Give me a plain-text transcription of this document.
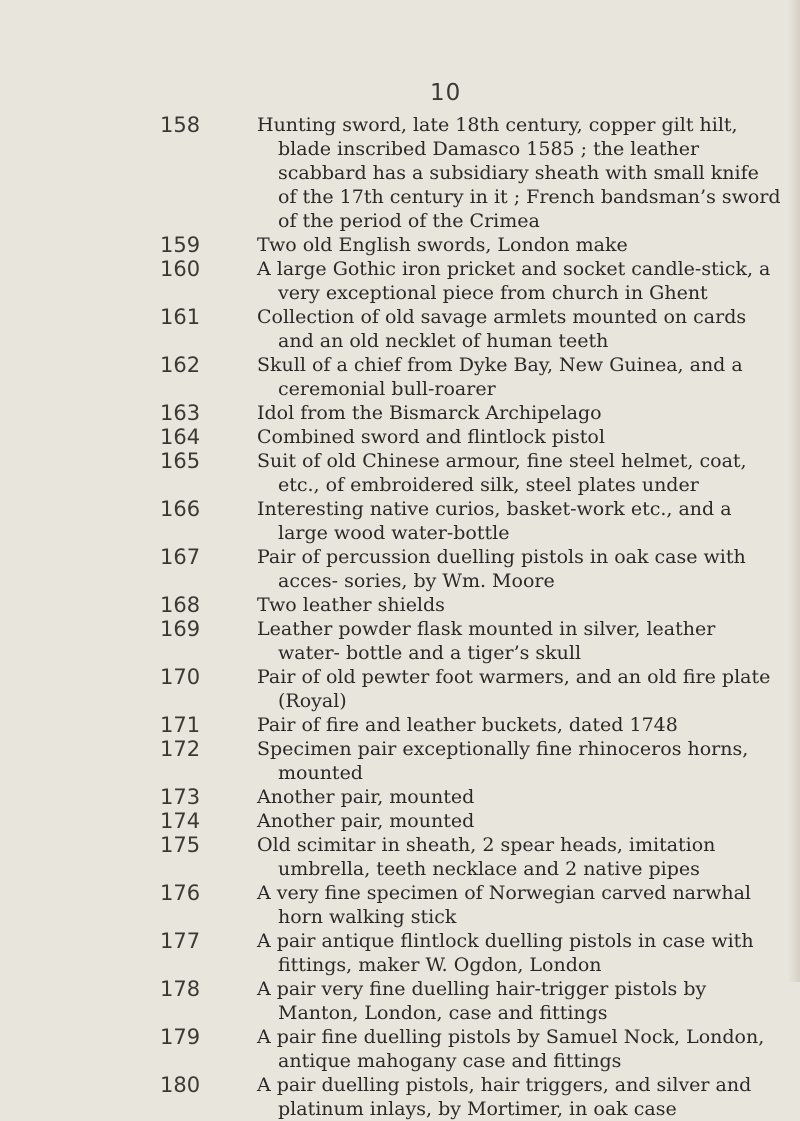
10
158	Hunting sword, late 18th century, copper gilt hilt, blade inscribed Damasco 1585 ; the leather scabbard has a subsidiary sheath with small knife of the 17th century in it ; French bandsman’s sword of the period of the Crimea
159	Two old English swords, London make
160	A large Gothic iron pricket and socket candle-stick, a very exceptional piece from church in Ghent
161	Collection of old savage armlets mounted on cards and an old necklet of human teeth
162	Skull of a chief from Dyke Bay, New Guinea, and a ceremonial bull-roarer
163	Idol from the Bismarck Archipelago
164	Combined sword and flintlock pistol
165	Suit of old Chinese armour, fine steel helmet, coat, etc., of embroidered silk, steel plates under
166	Interesting native curios, basket-work etc., and a large wood water-bottle
167	Pair of percussion duelling pistols in oak case with acces- sories, by Wm. Moore
168	Two leather shields
169	Leather powder flask mounted in silver, leather water- bottle and a tiger’s skull
170	Pair of old pewter foot warmers, and an old fire plate (Royal)
171	Pair of fire and leather buckets, dated 1748
172	Specimen pair exceptionally fine rhinoceros horns, mounted
173	Another pair, mounted
174	Another pair, mounted
175	Old scimitar in sheath, 2 spear heads, imitation umbrella, teeth necklace and 2 native pipes
176	A very fine specimen of Norwegian carved narwhal horn walking stick
177	A pair antique flintlock duelling pistols in case with fittings, maker W. Ogdon, London
178	A pair very fine duelling hair-trigger pistols by Manton, London, case and fittings
179	A pair fine duelling pistols by Samuel Nock, London, antique mahogany case and fittings
180	A pair duelling pistols, hair triggers, and silver and platinum inlays, by Mortimer, in oak case
